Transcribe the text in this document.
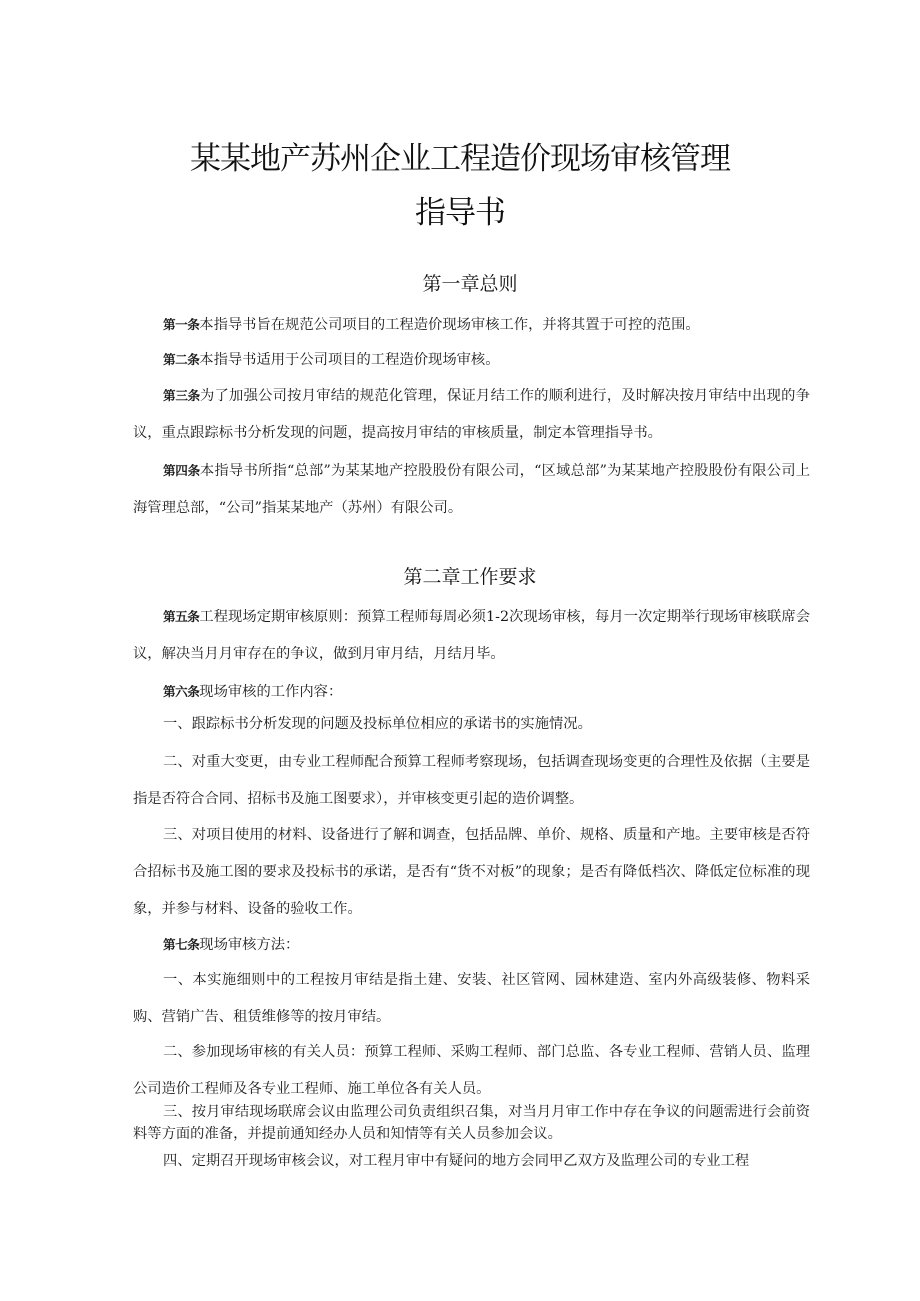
某某地产苏州企业工程造价现场审核管理
指导书
第一章总则

第一条本指导书旨在规范公司项目的工程造价现场审核工作，并将其置于可控的范围。

第二条本指导书适用于公司项目的工程造价现场审核。

第三条为了加强公司按月审结的规范化管理，保证月结工作的顺利进行，及时解决按月审结中出现的争议，重点跟踪标书分析发现的问题，提高按月审结的审核质量，制定本管理指导书。

第四条本指导书所指“总部”为某某地产控股股份有限公司，“区域总部”为某某地产控股股份有限公司上海管理总部，“公司”指某某地产（苏州）有限公司。

第二章工作要求

第五条工程现场定期审核原则：预算工程师每周必须1-2次现场审核，每月一次定期举行现场审核联席会议，解决当月月审存在的争议，做到月审月结，月结月毕。

第六条现场审核的工作内容：

一、跟踪标书分析发现的问题及投标单位相应的承诺书的实施情况。

二、对重大变更，由专业工程师配合预算工程师考察现场，包括调查现场变更的合理性及依据（主要是指是否符合合同、招标书及施工图要求），并审核变更引起的造价调整。

三、对项目使用的材料、设备进行了解和调查，包括品牌、单价、规格、质量和产地。主要审核是否符合招标书及施工图的要求及投标书的承诺，是否有“货不对板”的现象；是否有降低档次、降低定位标准的现象，并参与材料、设备的验收工作。

第七条现场审核方法：

一、本实施细则中的工程按月审结是指土建、安装、社区管网、园林建造、室内外高级装修、物料采购、营销广告、租赁维修等的按月审结。

二、参加现场审核的有关人员：预算工程师、采购工程师、部门总监、各专业工程师、营销人员、监理公司造价工程师及各专业工程师、施工单位各有关人员。

三、按月审结现场联席会议由监理公司负责组织召集，对当月月审工作中存在争议的问题需进行会前资料等方面的准备，并提前通知经办人员和知情等有关人员参加会议。

四、定期召开现场审核会议，对工程月审中有疑问的地方会同甲乙双方及监理公司的专业工程
